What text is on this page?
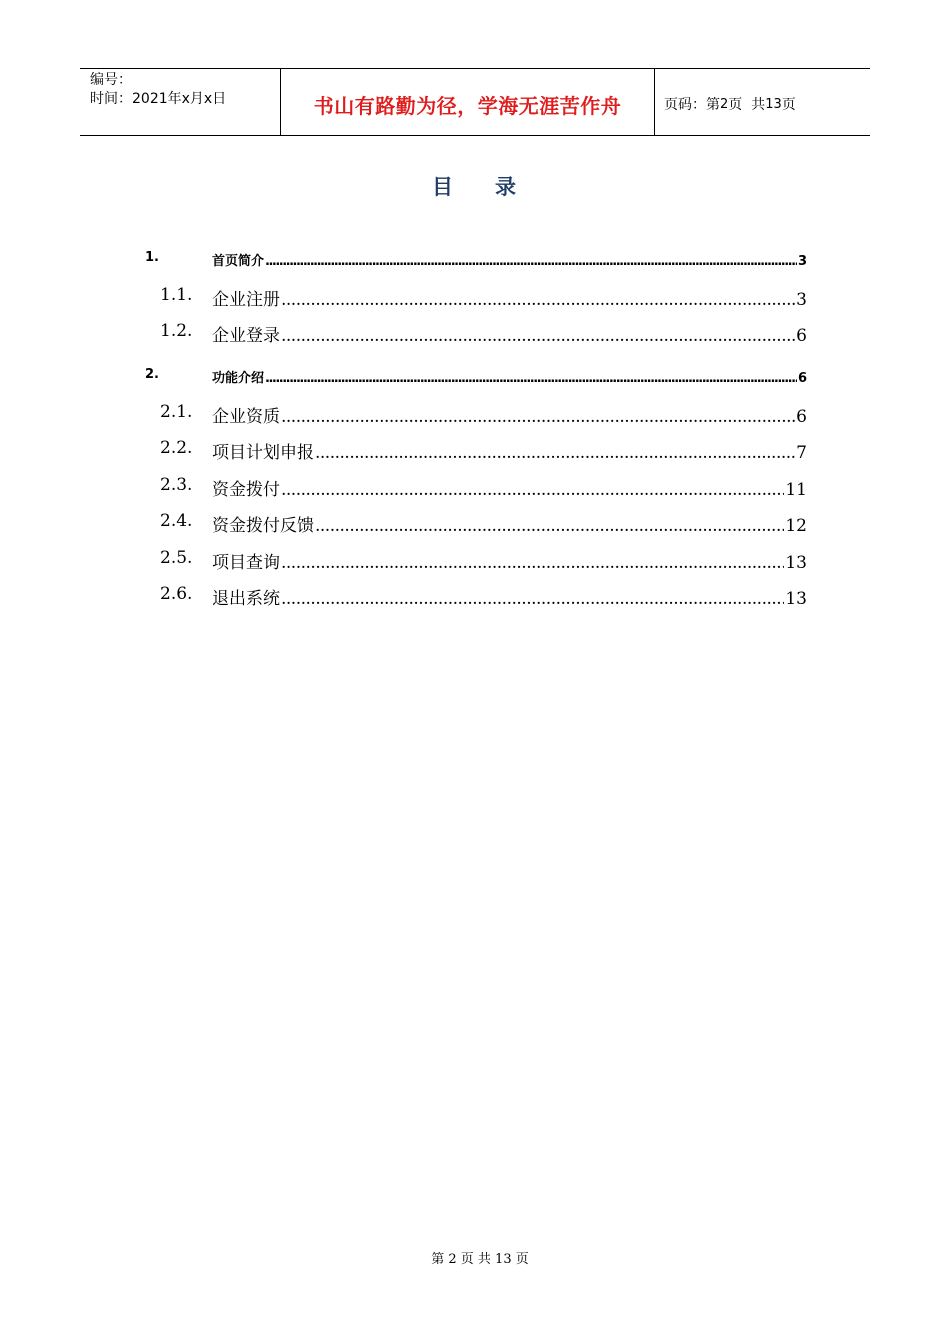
编号：
时间：2021年x月x日	书山有路勤为径，学海无涯苦作舟	页码：第 2 页  共 13 页
目 录
1.	首页简介 .....	3
1.1. 企业注册 .....	3
1.2. 企业登录 .....	6
2.	功能介绍 .....	6
2.1. 企业资质 .....	6
2.2. 项目计划申报 .....	7
2.3. 资金拨付 .....	11
2.4. 资金拨付反馈 .....	12
2.5. 项目查询 .....	13
2.6. 退出系统 .....	13
第 2 页 共 13 页
